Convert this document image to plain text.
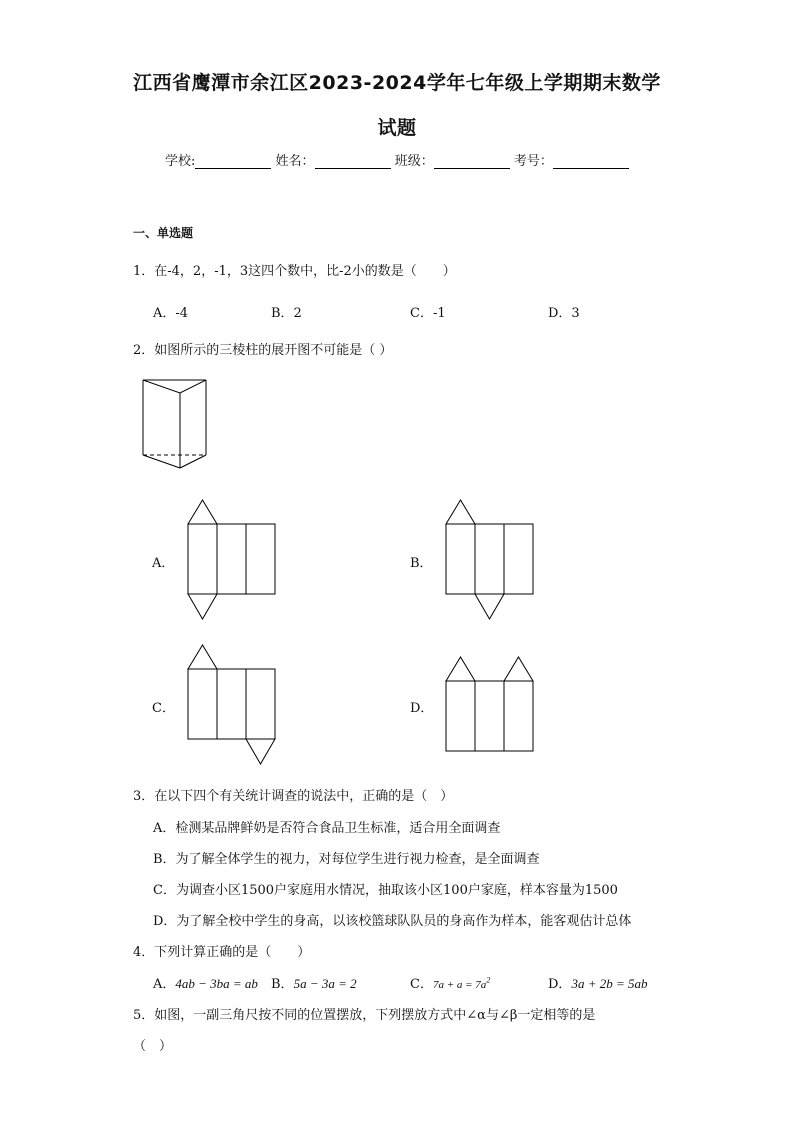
江西省鹰潭市余江区2023-2024学年七年级上学期期末数学
试题
学校:	姓名：	班级：	考号：
一、单选题
1．在-4，2，-1，3这四个数中，比-2小的数是（　　）
A．-4	B．2	C．-1	D．3
2．如图所示的三棱柱的展开图不可能是（ ）
A．	B．
C．	D．
3．在以下四个有关统计调查的说法中，正确的是（　）
A．检测某品牌鲜奶是否符合食品卫生标准，适合用全面调查
B．为了解全体学生的视力，对每位学生进行视力检查，是全面调查
C．为调查小区1500户家庭用水情况，抽取该小区100户家庭，样本容量为1500
D．为了解全校中学生的身高，以该校篮球队队员的身高作为样本，能客观估计总体
4．下列计算正确的是（　　）
A．4ab − 3ba = ab B．5a − 3a = 2	C．$7a + a = 7a^2$	D．3a + 2b = 5ab
5．如图，一副三角尺按不同的位置摆放，下列摆放方式中∠α与∠β一定相等的是
（　）
